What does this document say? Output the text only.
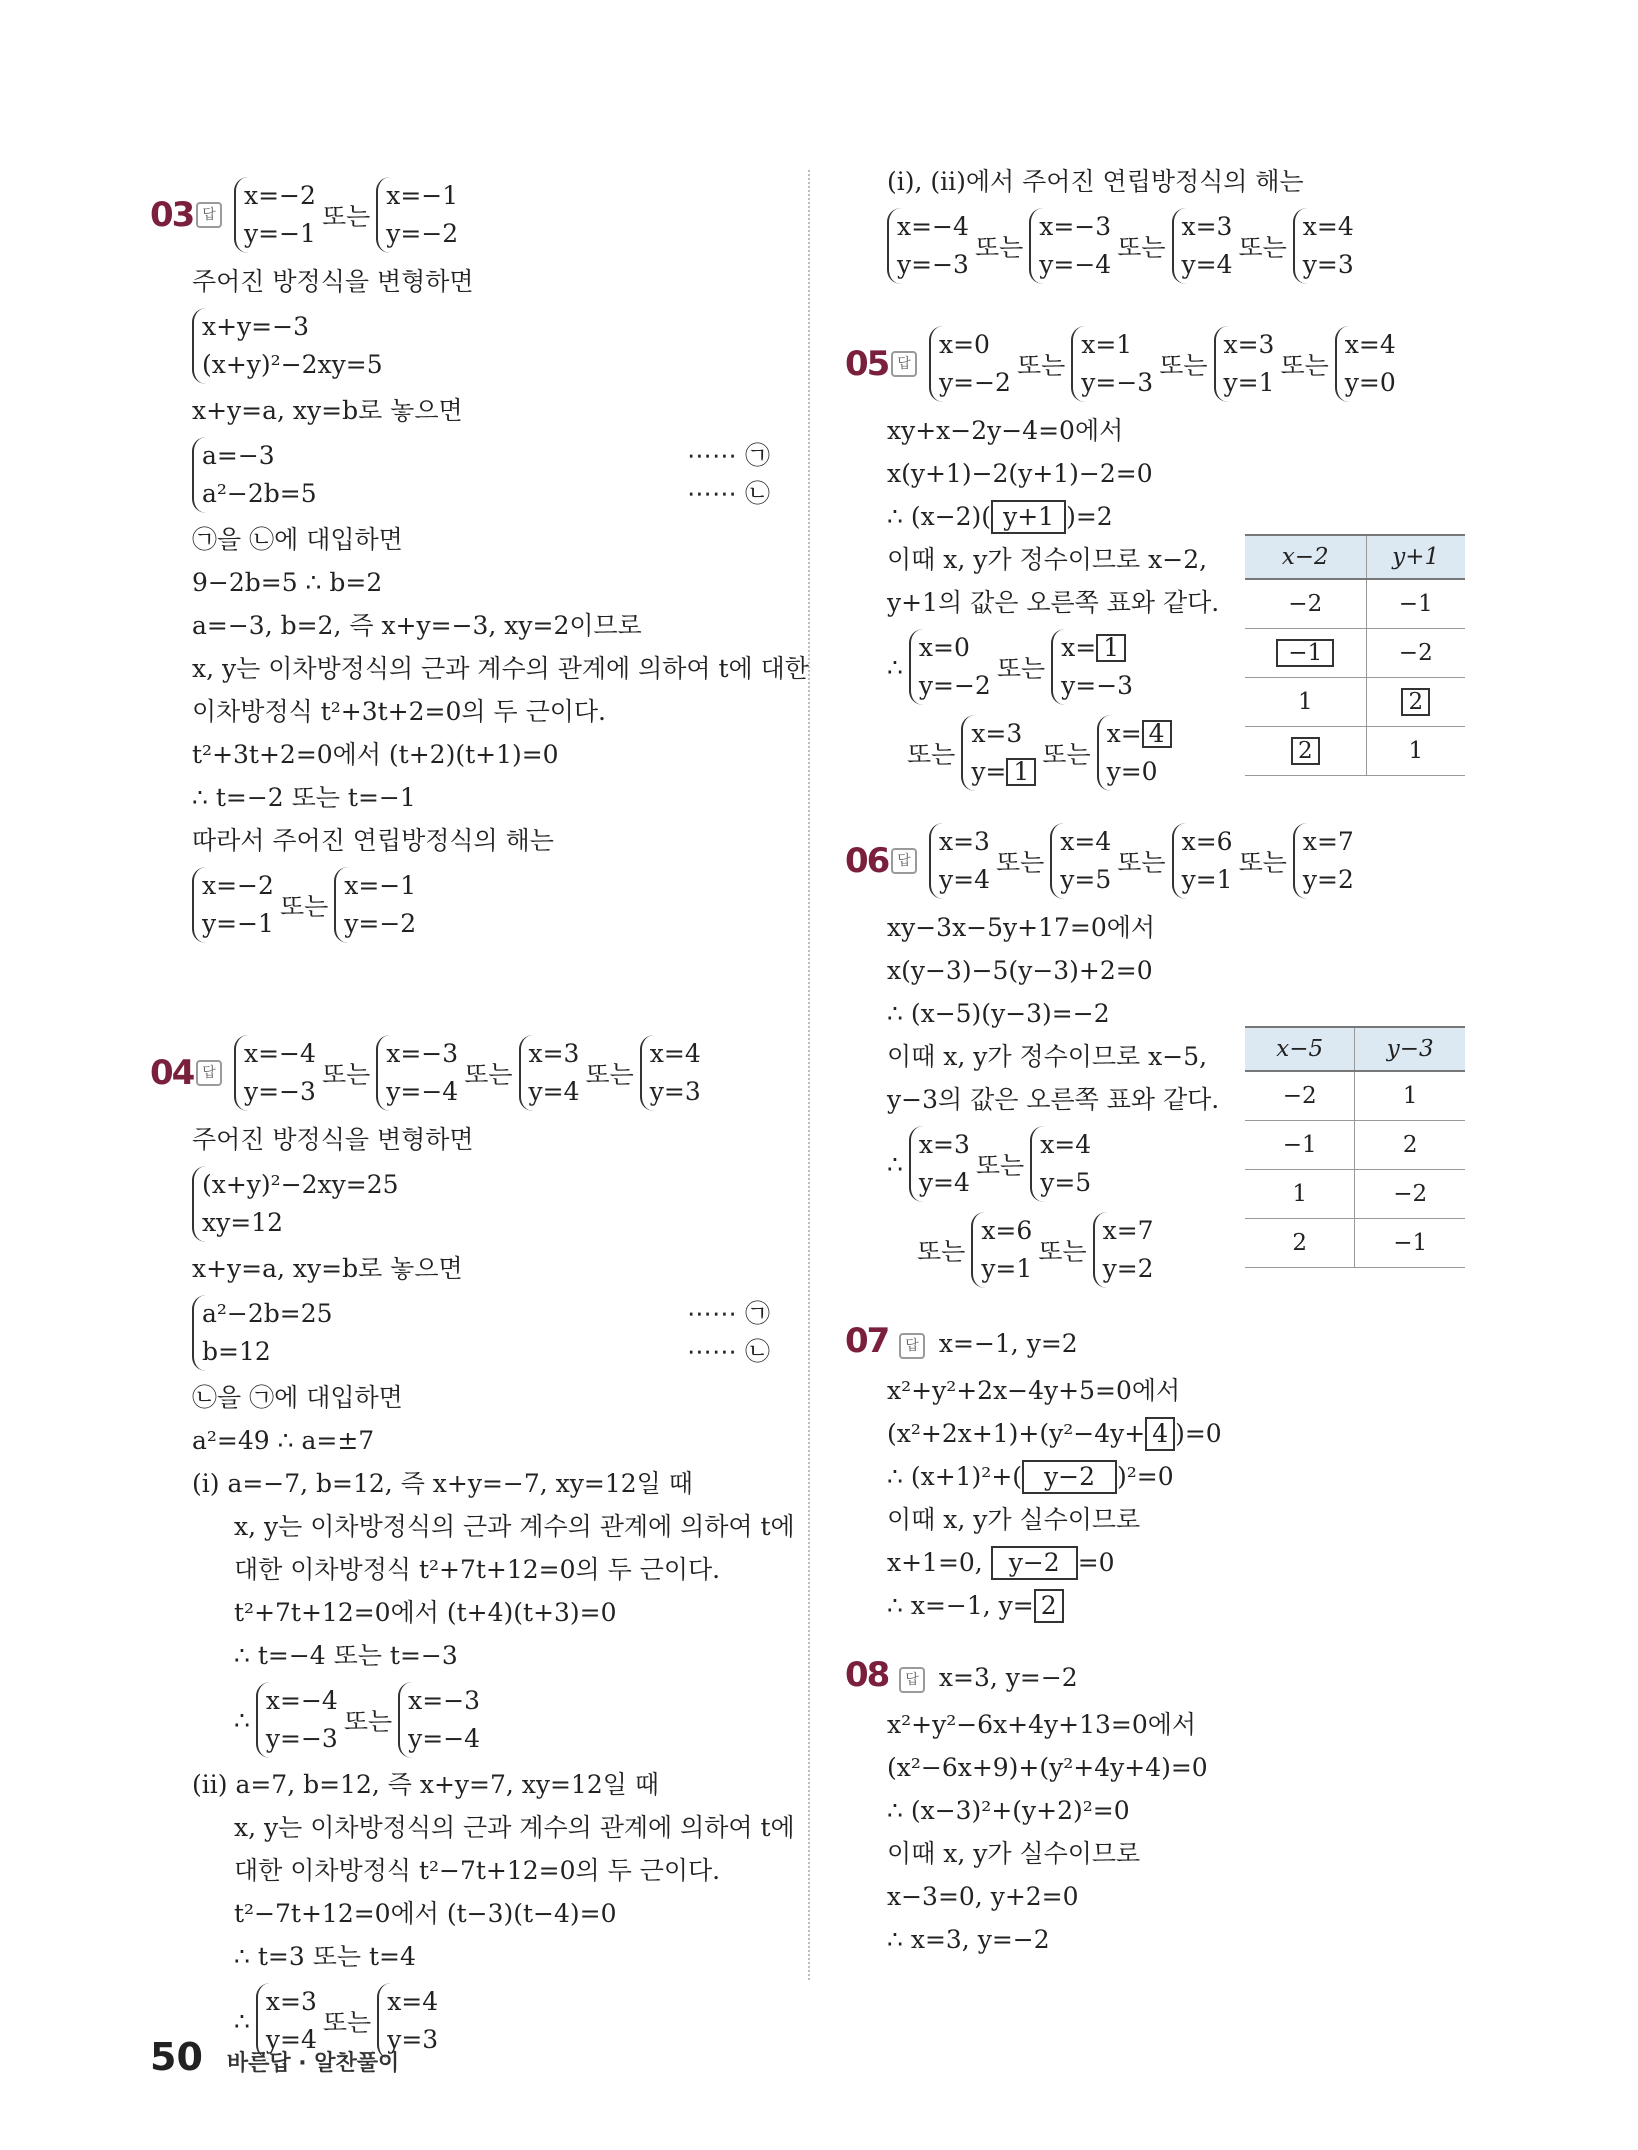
03 답
x=−2
y=−1
또는
x=−1
y=−2
주어진 방정식을 변형하면
x+y=−3
(x+y)²−2xy=5
x+y=a, xy=b로 놓으면
a=−3
a²−2b=5
⋯⋯ ㉠
⋯⋯ ㉡
㉠을 ㉡에 대입하면
9−2b=5 ∴ b=2
a=−3, b=2, 즉 x+y=−3, xy=2이므로
x, y는 이차방정식의 근과 계수의 관계에 의하여 t에 대한
이차방정식 t²+3t+2=0의 두 근이다.
t²+3t+2=0에서 (t+2)(t+1)=0
∴ t=−2 또는 t=−1
따라서 주어진 연립방정식의 해는
x=−2
y=−1
또는
x=−1
y=−2
04 답
x=−4
y=−3
또는
x=−3
y=−4
또는
x=3
y=4
또는
x=4
y=3
주어진 방정식을 변형하면
(x+y)²−2xy=25
xy=12
x+y=a, xy=b로 놓으면
a²−2b=25
b=12
⋯⋯ ㉠
⋯⋯ ㉡
㉡을 ㉠에 대입하면
a²=49 ∴ a=±7
(ⅰ) a=−7, b=12, 즉 x+y=−7, xy=12일 때
x, y는 이차방정식의 근과 계수의 관계에 의하여 t에
대한 이차방정식 t²+7t+12=0의 두 근이다.
t²+7t+12=0에서 (t+4)(t+3)=0
∴ t=−4 또는 t=−3
∴
x=−4
y=−3
또는
x=−3
y=−4
(ⅱ) a=7, b=12, 즉 x+y=7, xy=12일 때
x, y는 이차방정식의 근과 계수의 관계에 의하여 t에
대한 이차방정식 t²−7t+12=0의 두 근이다.
t²−7t+12=0에서 (t−3)(t−4)=0
∴ t=3 또는 t=4
∴
x=3
y=4
또는
x=4
y=3
(ⅰ), (ⅱ)에서 주어진 연립방정식의 해는
x=−4
y=−3
또는
x=−3
y=−4
또는
x=3
y=4
또는
x=4
y=3
05 답
x=0
y=−2
또는
x=1
y=−3
또는
x=3
y=1
또는
x=4
y=0
xy+x−2y−4=0에서
x(y+1)−2(y+1)−2=0
∴ (x−2)( y+1 )=2
이때 x, y가 정수이므로 x−2,
y+1의 값은 오른쪽 표와 같다.
∴
x=0
y=−2
또는
x= 1
y=−3
또는
x=3
y= 1
또는
x= 4
y=0
x−2	y+1
−2	−1
−1	−2
1	2
2	1
06 답
x=3
y=4
또는
x=4
y=5
또는
x=6
y=1
또는
x=7
y=2
xy−3x−5y+17=0에서
x(y−3)−5(y−3)+2=0
∴ (x−5)(y−3)=−2
이때 x, y가 정수이므로 x−5,
y−3의 값은 오른쪽 표와 같다.
∴
x=3
y=4
또는
x=4
y=5
또는
x=6
y=1
또는
x=7
y=2
x−5	y−3
−2	1
−1	2
1	−2
2	−1
07 답 x=−1, y=2
x²+y²+2x−4y+5=0에서
(x²+2x+1)+(y²−4y+ 4 )=0
∴ (x+1)²+( y−2 )²=0
이때 x, y가 실수이므로
x+1=0, y−2 =0
∴ x=−1, y= 2
08 답 x=3, y=−2
x²+y²−6x+4y+13=0에서
(x²−6x+9)+(y²+4y+4)=0
∴ (x−3)²+(y+2)²=0
이때 x, y가 실수이므로
x−3=0, y+2=0
∴ x=3, y=−2
50 바른답 · 알찬풀이
